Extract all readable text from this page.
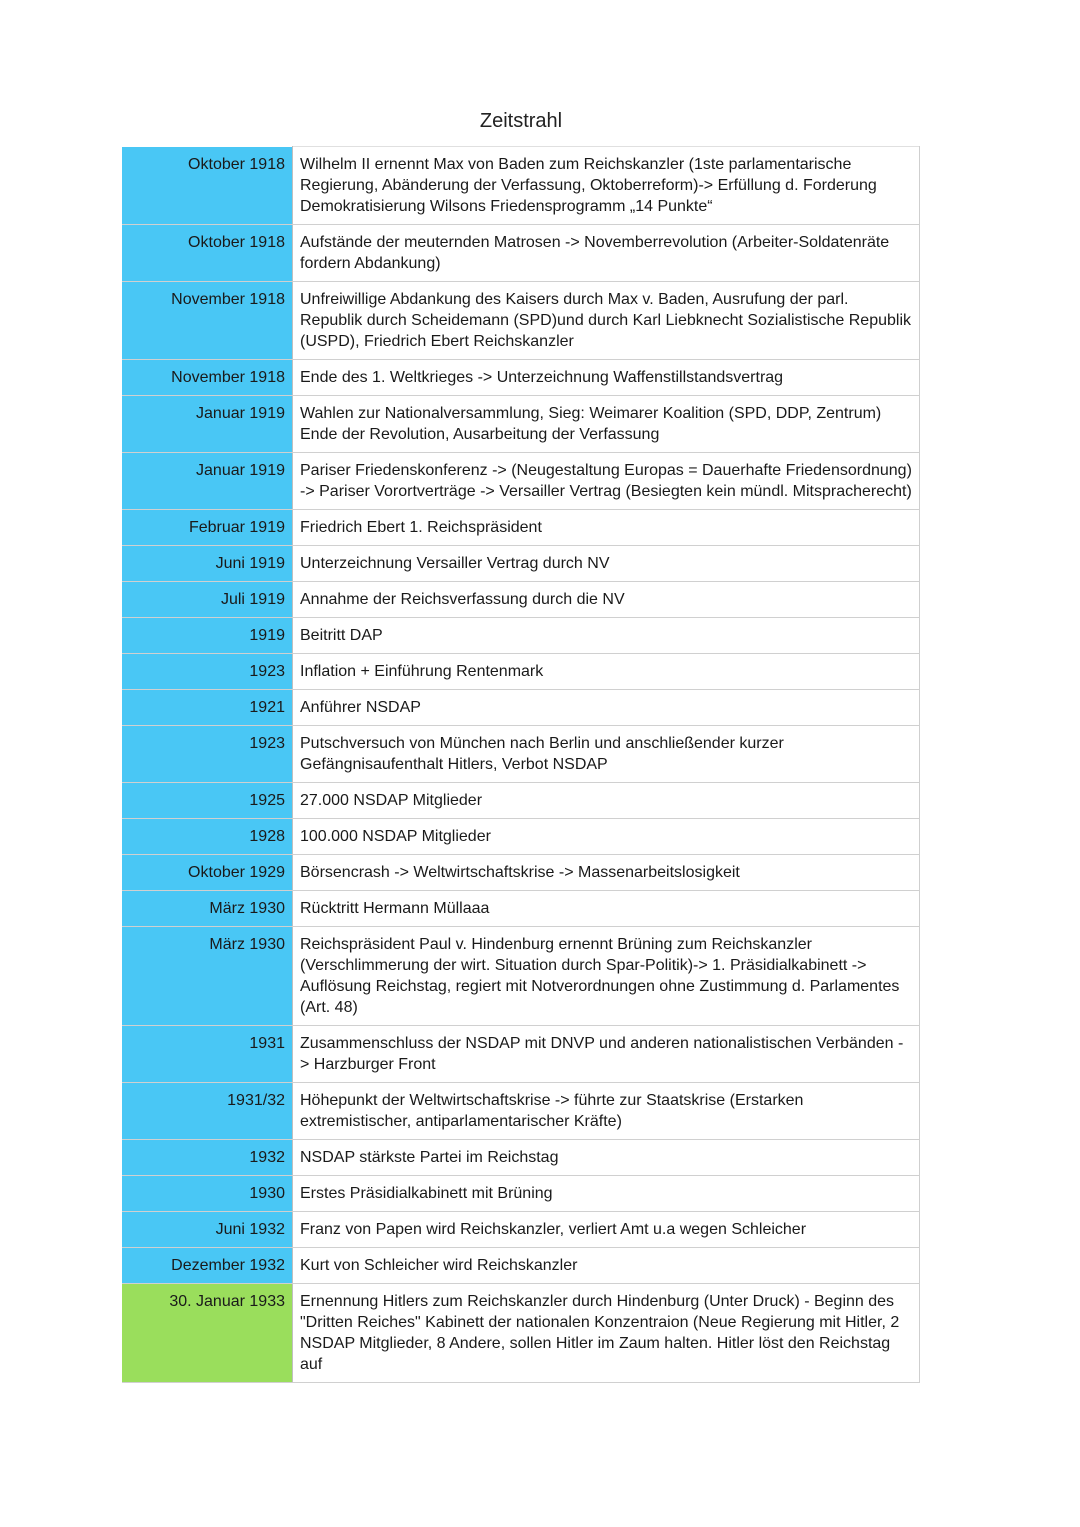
Zeitstrahl
Oktober 1918	Wilhelm II ernennt Max von Baden zum Reichskanzler (1ste parlamentarische Regierung, Abänderung der Verfassung, Oktoberreform)-> Erfüllung d. Forderung Demokratisierung Wilsons Friedensprogramm „14 Punkte“
Oktober 1918	Aufstände der meuternden Matrosen -> Novemberrevolution (Arbeiter-Soldatenräte fordern Abdankung)
November 1918	Unfreiwillige Abdankung des Kaisers durch Max v. Baden, Ausrufung der parl. Republik durch Scheidemann (SPD)und durch Karl Liebknecht Sozialistische Republik (USPD), Friedrich Ebert Reichskanzler
November 1918	Ende des 1. Weltkrieges -> Unterzeichnung Waffenstillstandsvertrag
Januar 1919	Wahlen zur Nationalversammlung, Sieg: Weimarer Koalition (SPD, DDP, Zentrum) Ende der Revolution, Ausarbeitung der Verfassung
Januar 1919	Pariser Friedenskonferenz -> (Neugestaltung Europas = Dauerhafte Friedensordnung) -> Pariser Vorortverträge -> Versailler Vertrag (Besiegten kein mündl. Mitspracherecht)
Februar 1919	Friedrich Ebert 1. Reichspräsident
Juni 1919	Unterzeichnung Versailler Vertrag durch NV
Juli 1919	Annahme der Reichsverfassung durch die NV
1919	Beitritt DAP
1923	Inflation + Einführung Rentenmark
1921	Anführer NSDAP
1923	Putschversuch von München nach Berlin und anschließender kurzer Gefängnisaufenthalt Hitlers, Verbot NSDAP
1925	27.000 NSDAP Mitglieder
1928	100.000 NSDAP Mitglieder
Oktober 1929	Börsencrash -> Weltwirtschaftskrise -> Massenarbeitslosigkeit
März 1930	Rücktritt Hermann Müllaaa
März 1930	Reichspräsident Paul v. Hindenburg ernennt Brüning zum Reichskanzler (Verschlimmerung der wirt. Situation durch Spar-Politik)-> 1. Präsidialkabinett -> Auflösung Reichstag, regiert mit Notverordnungen ohne Zustimmung d. Parlamentes (Art. 48)
1931	Zusammenschluss der NSDAP mit DNVP und anderen nationalistischen Verbänden -> Harzburger Front
1931/32	Höhepunkt der Weltwirtschaftskrise -> führte zur Staatskrise (Erstarken extremistischer, antiparlamentarischer Kräfte)
1932	NSDAP stärkste Partei im Reichstag
1930	Erstes Präsidialkabinett mit Brüning
Juni 1932	Franz von Papen wird Reichskanzler, verliert Amt u.a wegen Schleicher
Dezember 1932	Kurt von Schleicher wird Reichskanzler
30. Januar 1933	Ernennung Hitlers zum Reichskanzler durch Hindenburg (Unter Druck) - Beginn des "Dritten Reiches" Kabinett der nationalen Konzentraion (Neue Regierung mit Hitler, 2 NSDAP Mitglieder, 8 Andere, sollen Hitler im Zaum halten. Hitler löst den Reichstag auf
